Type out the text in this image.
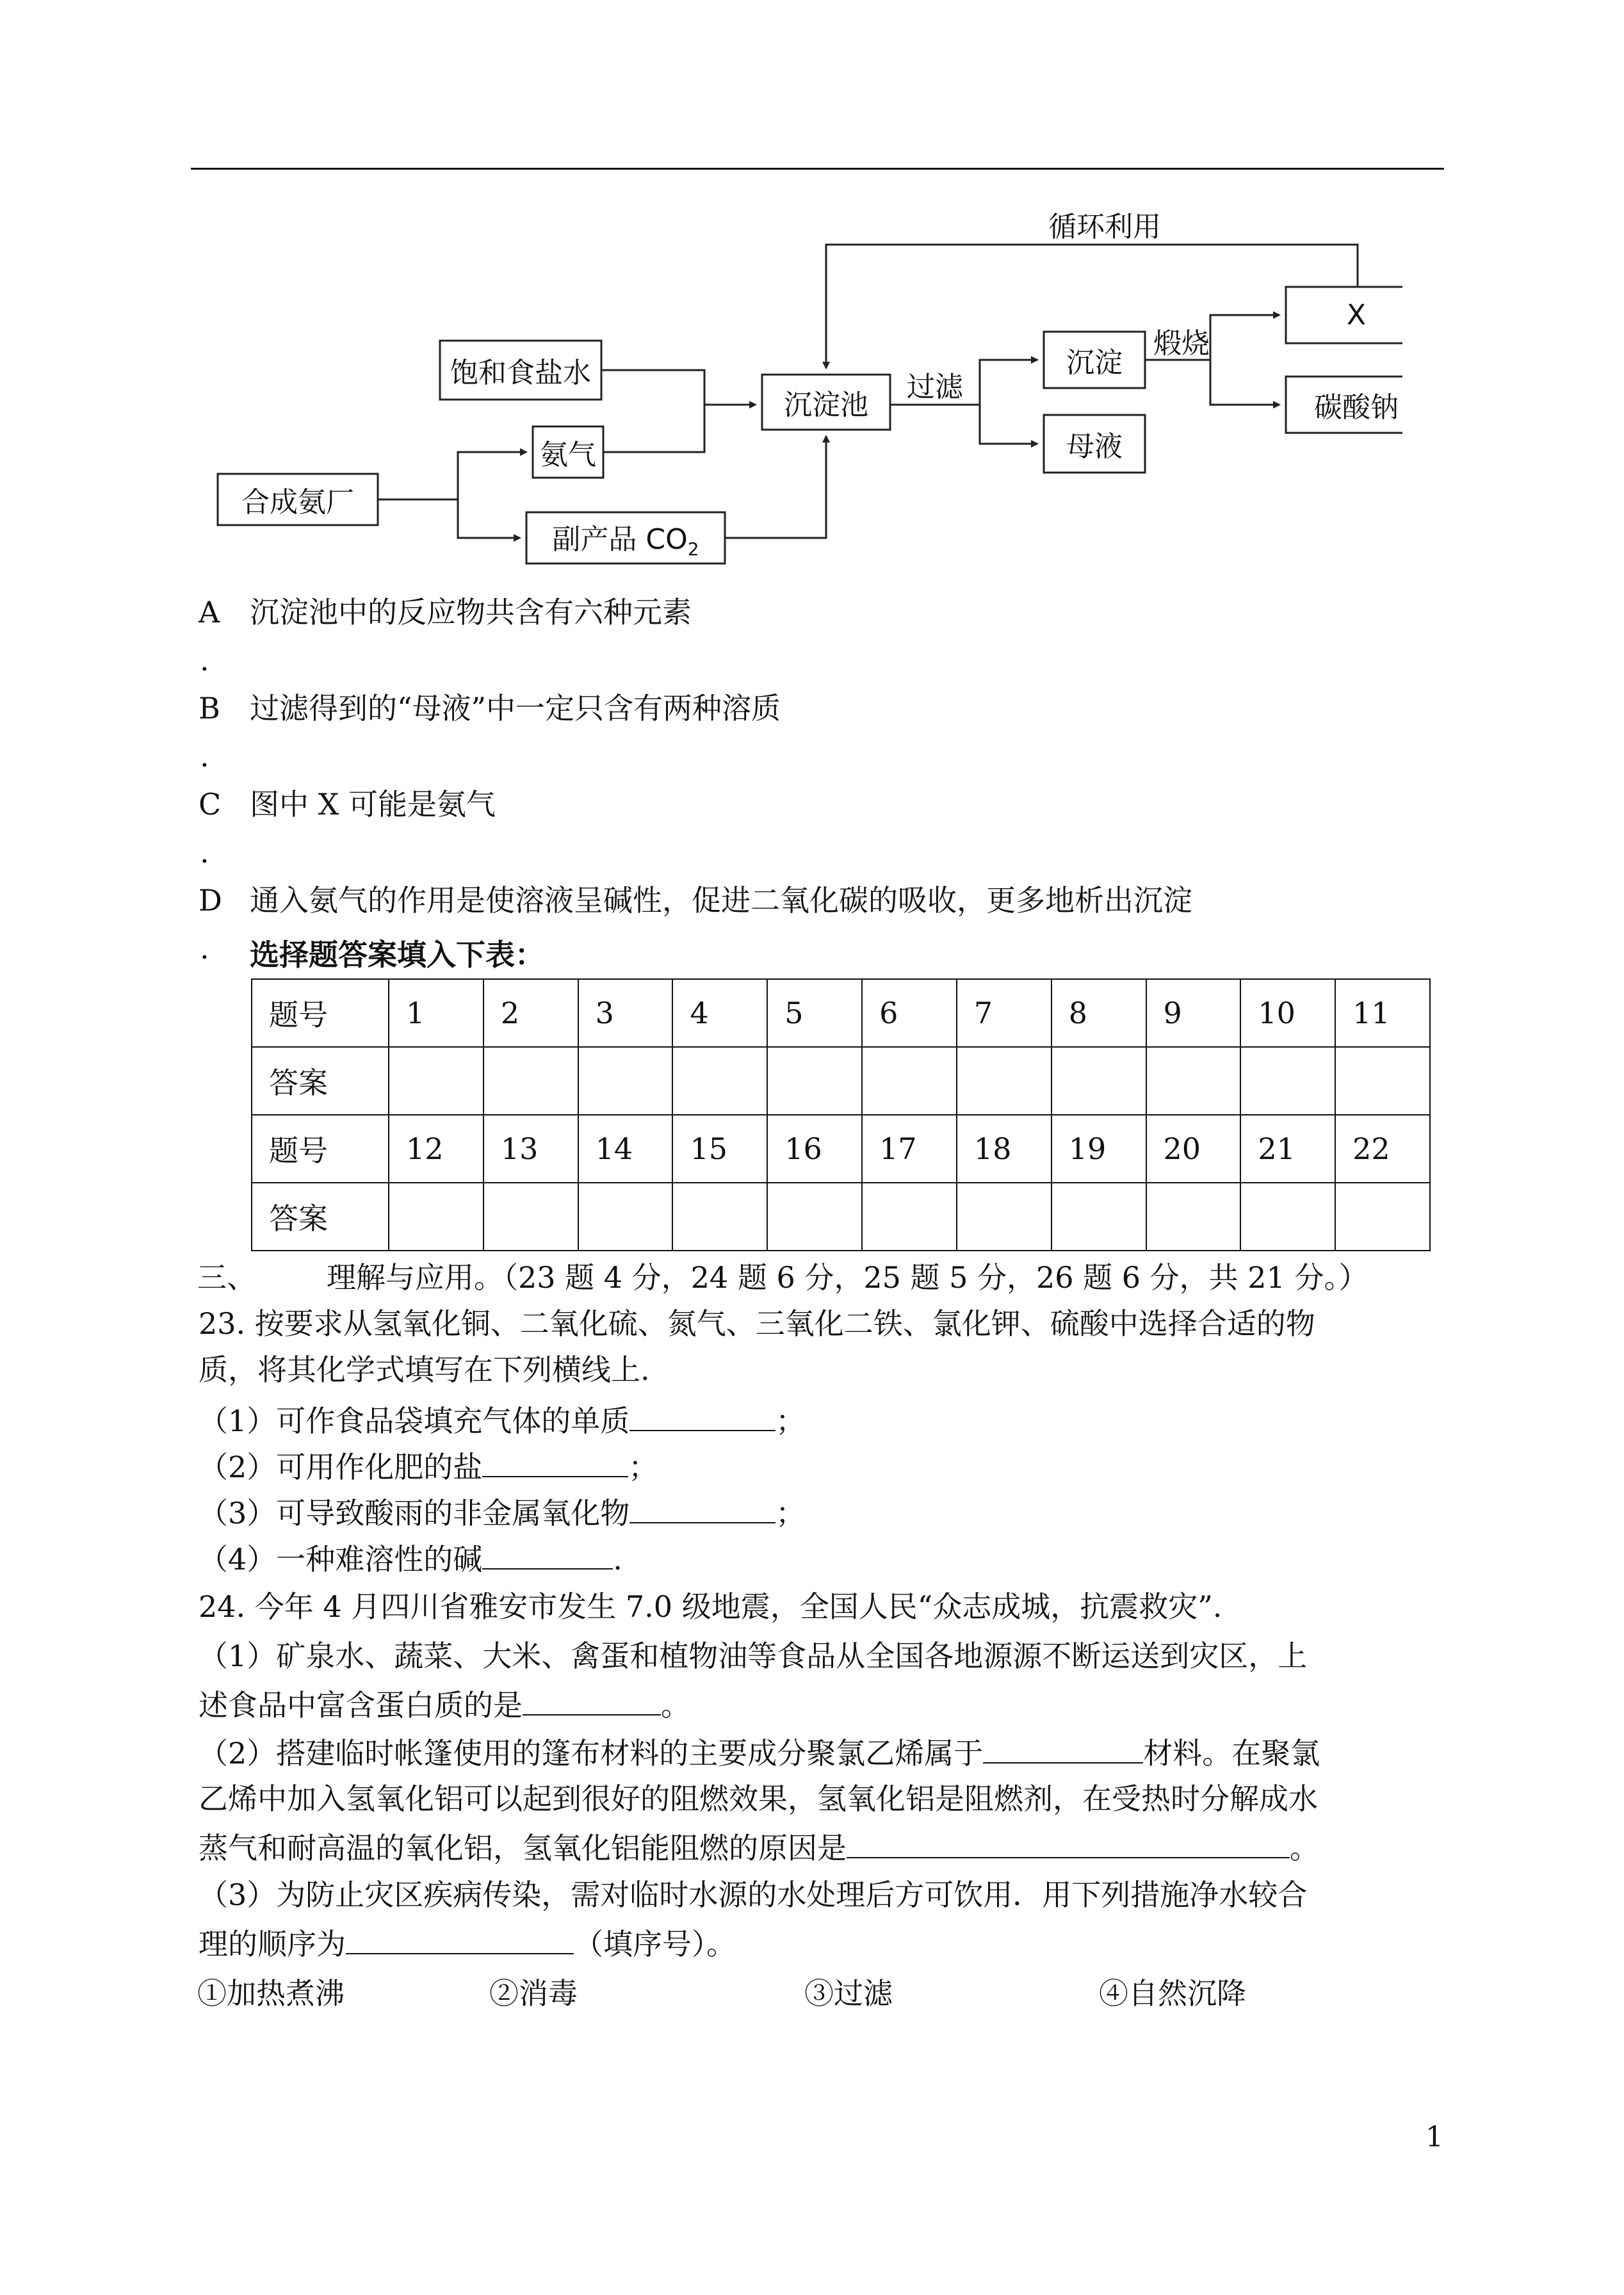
循环利用
饱和食盐水
氨气
合成氨厂
副产品 $CO_2$
沉淀池
过滤
沉淀
母液
煅烧
X
碳酸钠
A 沉淀池中的反应物共含有六种元素
.
B 过滤得到的“母液”中一定只含有两种溶质
.
C 图中 X 可能是氨气
.
D 通入氨气的作用是使溶液呈碱性，促进二氧化碳的吸收，更多地析出沉淀
. 选择题答案填入下表：
题号	1	2	3	4	5	6	7	8	9	10	11
答案											
题号	12	13	14	15	16	17	18	19	20	21	22
答案											
三、 理解与应用。（23 题 4 分，24 题 6 分，25 题 5 分，26 题 6 分，共 21 分。）
23. 按要求从氢氧化铜、二氧化硫、氮气、三氧化二铁、氯化钾、硫酸中选择合适的物
质，将其化学式填写在下列横线上.
（1）可作食品袋填充气体的单质	；
（2）可用作化肥的盐	；
（3）可导致酸雨的非金属氧化物	；
（4）一种难溶性的碱	.
24. 今年 4 月四川省雅安市发生 7.0 级地震，全国人民“众志成城，抗震救灾”.
（1）矿泉水、蔬菜、大米、禽蛋和植物油等食品从全国各地源源不断运送到灾区，上
述食品中富含蛋白质的是	。
（2）搭建临时帐篷使用的篷布材料的主要成分聚氯乙烯属于	材料。在聚氯
乙烯中加入氢氧化铝可以起到很好的阻燃效果，氢氧化铝是阻燃剂，在受热时分解成水
蒸气和耐高温的氧化铝，氢氧化铝能阻燃的原因是	。
（3）为防止灾区疾病传染，需对临时水源的水处理后方可饮用．用下列措施净水较合
理的顺序为	（填序号）。
①加热煮沸	②消毒	③过滤	④自然沉降
1
